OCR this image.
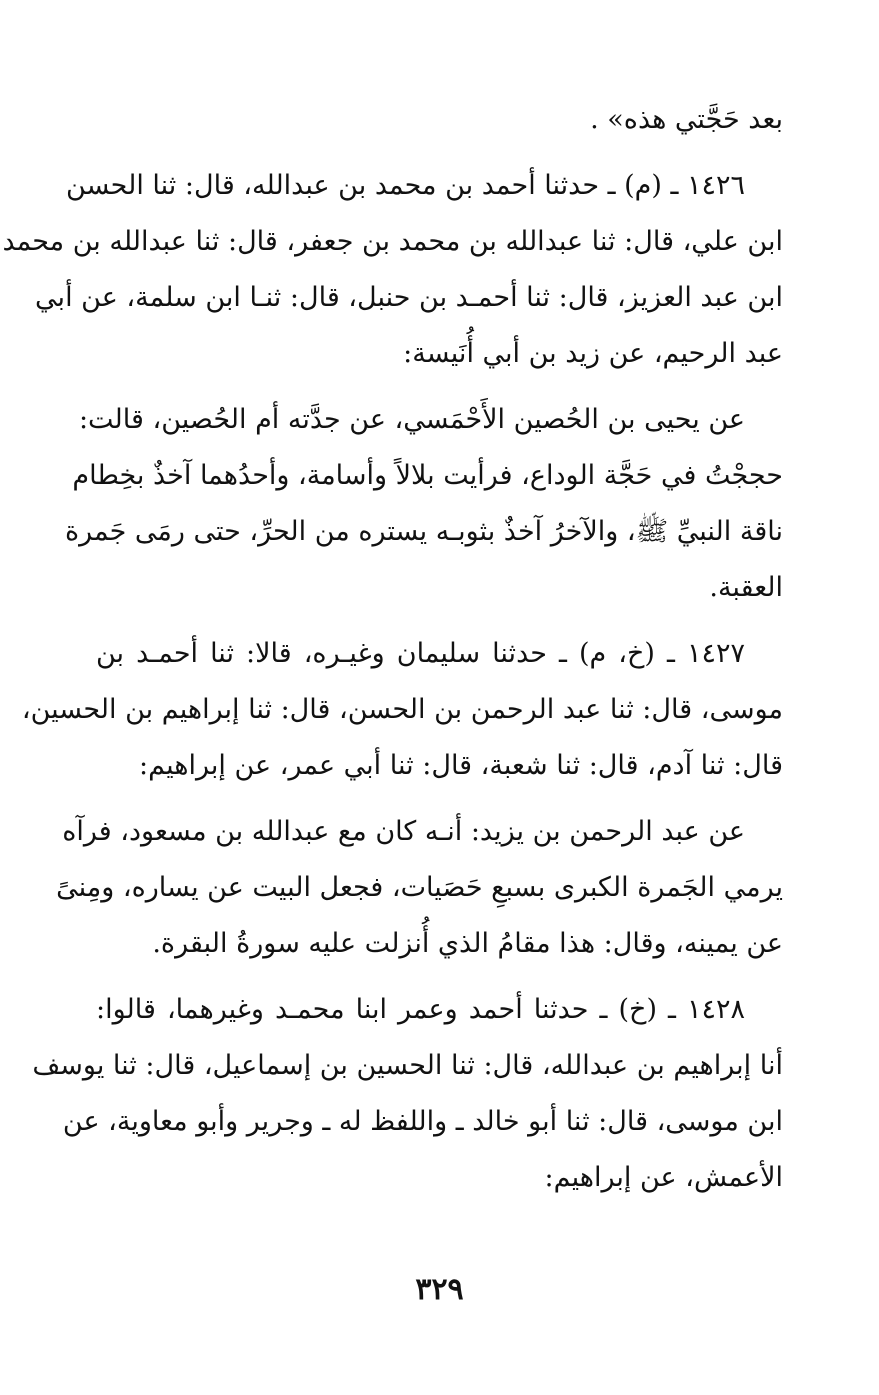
بعد حَجَّتي هذه» .
١٤٢٦ ـ (م) ـ حدثنا أحمد بن محمد بن عبدالله، قال: ثنا الحسن
ابن علي، قال: ثنا عبدالله بن محمد بن جعفر، قال: ثنا عبدالله بن محمد
ابن عبد العزيز، قال: ثنا أحمـد بن حنبل، قال: ثنـا ابن سلمة، عن أبي
عبد الرحيم، عن زيد بن أبي أُنَيسة:
عن يحيى بن الحُصين الأَحْمَسي، عن جدَّته أم الحُصين، قالت:
حججْتُ في حَجَّة الوداع، فرأيت بلالاً وأسامة، وأحدُهما آخذٌ بخِطام
ناقة النبيِّ ﷺ، والآخرُ آخذٌ بثوبـه يستره من الحرِّ، حتى رمَى جَمرة
العقبة.
١٤٢٧ ـ (خ، م) ـ حدثنا سليمان وغيـره، قالا: ثنا أحمـد بن
موسى، قال: ثنا عبد الرحمن بن الحسن، قال: ثنا إبراهيم بن الحسين،
قال: ثنا آدم، قال: ثنا شعبة، قال: ثنا أبي عمر، عن إبراهيم:
عن عبد الرحمن بن يزيد: أنـه كان مع عبدالله بن مسعود، فرآه
يرمي الجَمرة الكبرى بسبعِ حَصَيات، فجعل البيت عن يساره، ومِنىً
عن يمينه، وقال: هذا مقامُ الذي أُنزلت عليه سورةُ البقرة.
١٤٢٨ ـ (خ) ـ حدثنا أحمد وعمر ابنا محمـد وغيرهما، قالوا:
أنا إبراهيم بن عبدالله، قال: ثنا الحسين بن إسماعيل، قال: ثنا يوسف
ابن موسى، قال: ثنا أبو خالد ـ واللفظ له ـ وجرير وأبو معاوية، عن
الأعمش، عن إبراهيم:
٣٢٩
